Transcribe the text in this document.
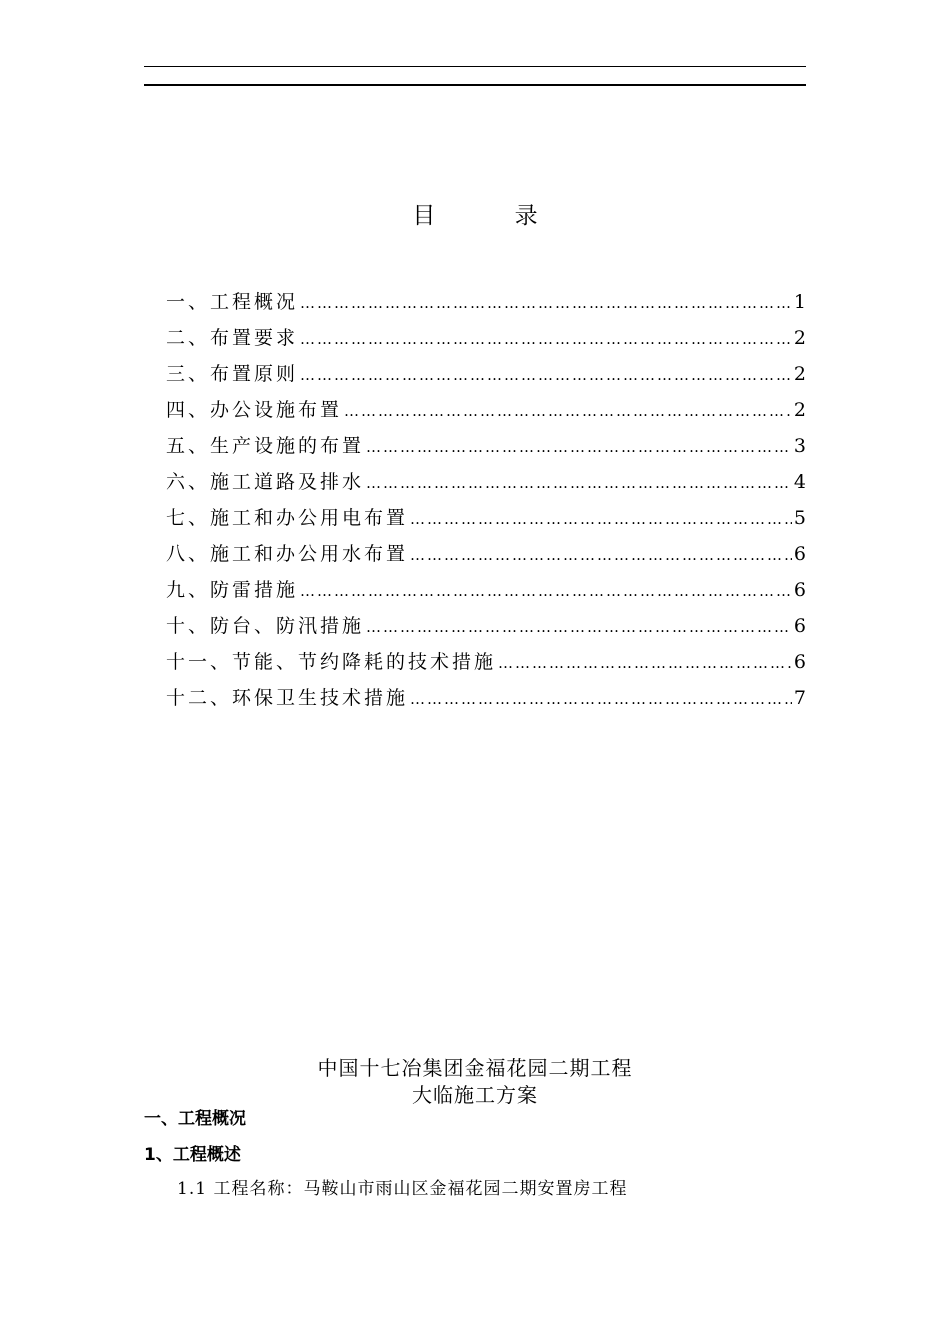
目 录
一、工程概况 ………………………………………………………………………………………………………………………………………………	1
二、布置要求 ………………………………………………………………………………………………………………………………………………	2
三、布置原则 ………………………………………………………………………………………………………………………………………………	2
四、办公设施布置 ………………………………………………………………………………………………………………………………………………	2
五、生产设施的布置 ………………………………………………………………………………………………………………………………………………	3
六、施工道路及排水 ………………………………………………………………………………………………………………………………………………	4
七、施工和办公用电布置 ………………………………………………………………………………………………………………………………………………	5
八、施工和办公用水布置 ………………………………………………………………………………………………………………………………………………	6
九、防雷措施 ………………………………………………………………………………………………………………………………………………	6
十、防台、防汛措施 ………………………………………………………………………………………………………………………………………………	6
十一、节能、节约降耗的技术措施 ………………………………………………………………………………………………………………………………………………	6
十二、环保卫生技术措施 ………………………………………………………………………………………………………………………………………………	7
中国十七冶集团金福花园二期工程
大临施工方案
一、工程概况
1、工程概述
1.1 工程名称：马鞍山市雨山区金福花园二期安置房工程
